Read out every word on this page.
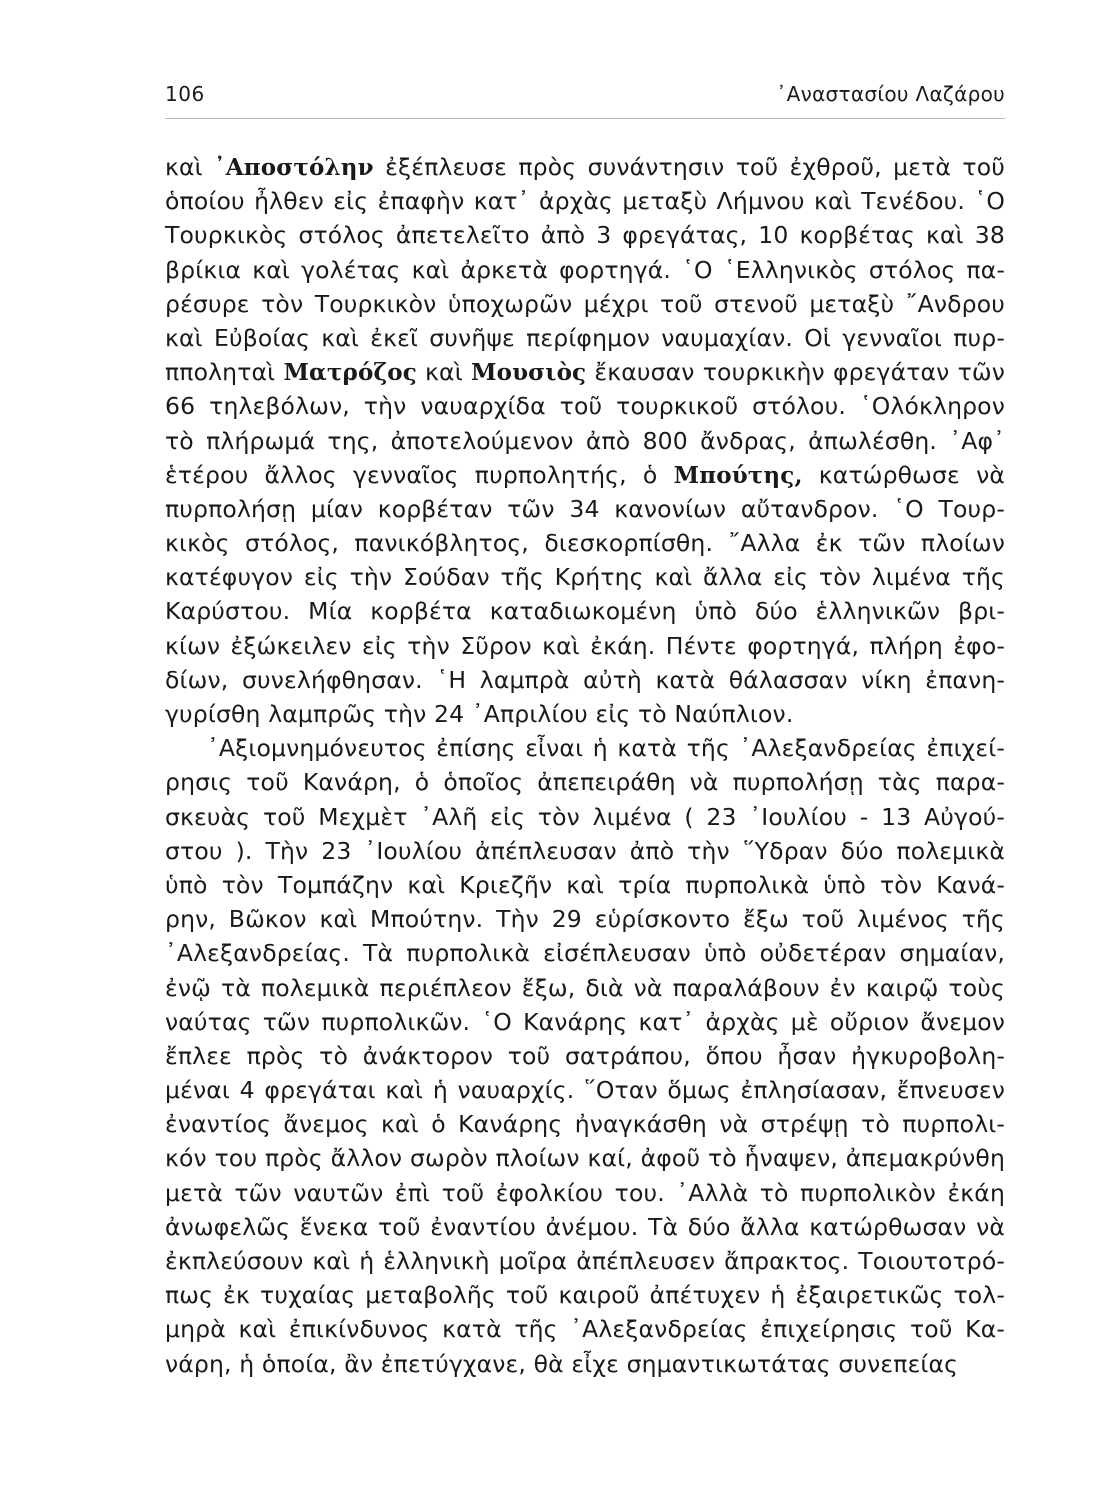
106	᾿Αναστασίου Λαζάρου
καὶ ᾿Αποστόλην ἐξέπλευσε πρὸς συνάντησιν τοῦ ἐχθροῦ, μετὰ τοῦ
ὁποίου ἦλθεν εἰς ἐπαφὴν κατ᾿ ἀρχὰς μεταξὺ Λήμνου καὶ Τενέδου. ῾Ο
Τουρκικὸς στόλος ἀπετελεῖτο ἀπὸ 3 φρεγάτας, 10 κορβέτας καὶ 38
βρίκια καὶ γολέτας καὶ ἀρκετὰ φορτηγά. ῾Ο ῾Ελληνικὸς στόλος πα-
ρέσυρε τὸν Τουρκικὸν ὑποχωρῶν μέχρι τοῦ στενοῦ μεταξὺ ῎Ανδρου
καὶ Εὐβοίας καὶ ἐκεῖ συνῆψε περίφημον ναυμαχίαν. Οἱ γενναῖοι πυρ-
πποληταὶ Ματρόζος καὶ Μουσιὸς ἔκαυσαν τουρκικὴν φρεγάταν τῶν
66 τηλεβόλων, τὴν ναυαρχίδα τοῦ τουρκικοῦ στόλου. ῾Ολόκληρον
τὸ πλήρωμά της, ἀποτελούμενον ἀπὸ 800 ἄνδρας, ἀπωλέσθη. ᾿Αφ᾿
ἑτέρου ἄλλος γενναῖος πυρπολητής, ὁ Μπούτης, κατώρθωσε νὰ
πυρπολήσῃ μίαν κορβέταν τῶν 34 κανονίων αὔτανδρον. ῾Ο Τουρ-
κικὸς στόλος, πανικόβλητος, διεσκορπίσθη. ῎Αλλα ἐκ τῶν πλοίων
κατέφυγον εἰς τὴν Σούδαν τῆς Κρήτης καὶ ἄλλα εἰς τὸν λιμένα τῆς
Καρύστου. Μία κορβέτα καταδιωκομένη ὑπὸ δύο ἑλληνικῶν βρι-
κίων ἐξώκειλεν εἰς τὴν Σῦρον καὶ ἐκάη. Πέντε φορτηγά, πλήρη ἐφο-
δίων, συνελήφθησαν. ῾Η λαμπρὰ αὐτὴ κατὰ θάλασσαν νίκη ἐπανη-
γυρίσθη λαμπρῶς τὴν 24 ᾿Απριλίου εἰς τὸ Ναύπλιον.
᾿Αξιομνημόνευτος ἐπίσης εἶναι ἡ κατὰ τῆς ᾿Αλεξανδρείας ἐπιχεί-
ρησις τοῦ Κανάρη, ὁ ὁποῖος ἀπεπειράθη νὰ πυρπολήσῃ τὰς παρα-
σκευὰς τοῦ Μεχμὲτ ᾿Αλῆ εἰς τὸν λιμένα ( 23 ᾿Ιουλίου - 13 Αὐγού-
στου ). Τὴν 23 ᾿Ιουλίου ἀπέπλευσαν ἀπὸ τὴν ῞Υδραν δύο πολεμικὰ
ὑπὸ τὸν Τομπάζην καὶ Κριεζῆν καὶ τρία πυρπολικὰ ὑπὸ τὸν Κανά-
ρην, Βῶκον καὶ Μπούτην. Τὴν 29 εὑρίσκοντο ἔξω τοῦ λιμένος τῆς
᾿Αλεξανδρείας. Τὰ πυρπολικὰ εἰσέπλευσαν ὑπὸ οὐδετέραν σημαίαν,
ἐνῷ τὰ πολεμικὰ περιέπλεον ἔξω, διὰ νὰ παραλάβουν ἐν καιρῷ τοὺς
ναύτας τῶν πυρπολικῶν. ῾Ο Κανάρης κατ᾿ ἀρχὰς μὲ οὔριον ἄνεμον
ἔπλεε πρὸς τὸ ἀνάκτορον τοῦ σατράπου, ὅπου ἦσαν ἠγκυροβολη-
μέναι 4 φρεγάται καὶ ἡ ναυαρχίς. ῞Οταν ὅμως ἐπλησίασαν, ἔπνευσεν
ἐναντίος ἄνεμος καὶ ὁ Κανάρης ἠναγκάσθη νὰ στρέψῃ τὸ πυρπολι-
κόν του πρὸς ἄλλον σωρὸν πλοίων καί, ἀφοῦ τὸ ἧναψεν, ἀπεμακρύνθη
μετὰ τῶν ναυτῶν ἐπὶ τοῦ ἐφολκίου του. ᾿Αλλὰ τὸ πυρπολικὸν ἐκάη
ἀνωφελῶς ἕνεκα τοῦ ἐναντίου ἀνέμου. Τὰ δύο ἄλλα κατώρθωσαν νὰ
ἐκπλεύσουν καὶ ἡ ἑλληνικὴ μοῖρα ἀπέπλευσεν ἄπρακτος. Τοιουτοτρό-
πως ἐκ τυχαίας μεταβολῆς τοῦ καιροῦ ἀπέτυχεν ἡ ἐξαιρετικῶς τολ-
μηρὰ καὶ ἐπικίνδυνος κατὰ τῆς ᾿Αλεξανδρείας ἐπιχείρησις τοῦ Κα-
νάρη, ἡ ὁποία, ἂν ἐπετύγχανε, θὰ εἶχε σημαντικωτάτας συνεπείας
